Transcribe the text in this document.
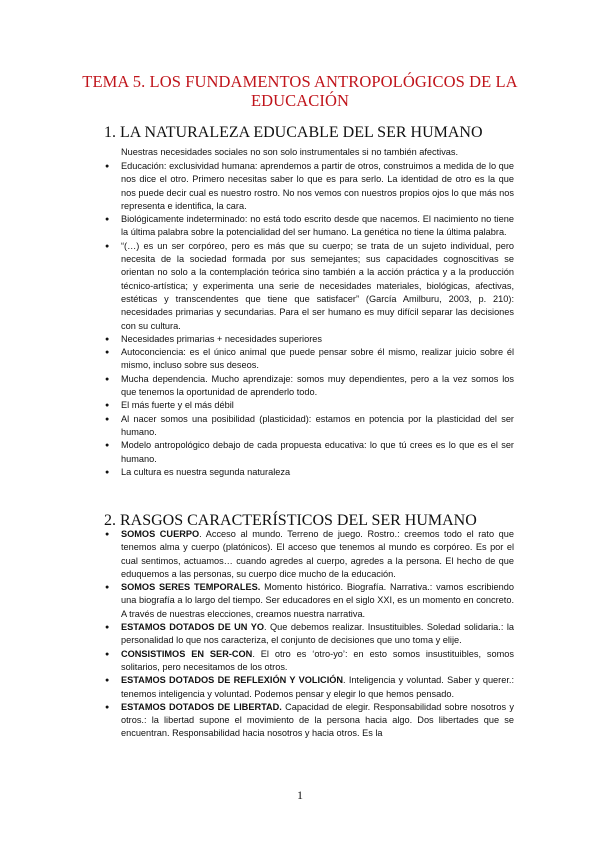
TEMA 5. LOS FUNDAMENTOS ANTROPOLÓGICOS DE LA EDUCACIÓN
1. LA NATURALEZA EDUCABLE DEL SER HUMANO
Nuestras necesidades sociales no son solo instrumentales si no también afectivas.
● Educación: exclusividad humana: aprendemos a partir de otros, construimos a medida de lo que nos dice el otro. Primero necesitas saber lo que es para serlo. La identidad de otro es la que nos puede decir cual es nuestro rostro. No nos vemos con nuestros propios ojos lo que más nos representa e identifica, la cara.
● Biológicamente indeterminado: no está todo escrito desde que nacemos. El nacimiento no tiene la última palabra sobre la potencialidad del ser humano. La genética no tiene la última palabra.
● “(…) es un ser corpóreo, pero es más que su cuerpo; se trata de un sujeto individual, pero necesita de la sociedad formada por sus semejantes; sus capacidades cognoscitivas se orientan no solo a la contemplación teórica sino también a la acción práctica y a la producción técnico-artística; y experimenta una serie de necesidades materiales, biológicas, afectivas, estéticas y transcendentes que tiene que satisfacer” (García Amilburu, 2003, p. 210): necesidades primarias y secundarias. Para el ser humano es muy difícil separar las decisiones con su cultura.
● Necesidades primarias + necesidades superiores
● Autoconciencia: es el único animal que puede pensar sobre él mismo, realizar juicio sobre él mismo, incluso sobre sus deseos.
● Mucha dependencia. Mucho aprendizaje: somos muy dependientes, pero a la vez somos los que tenemos la oportunidad de aprenderlo todo.
● El más fuerte y el más débil
● Al nacer somos una posibilidad (plasticidad): estamos en potencia por la plasticidad del ser humano.
● Modelo antropológico debajo de cada propuesta educativa: lo que tú crees es lo que es el ser humano.
● La cultura es nuestra segunda naturaleza
2. RASGOS CARACTERÍSTICOS DEL SER HUMANO
● SOMOS CUERPO. Acceso al mundo. Terreno de juego. Rostro.: creemos todo el rato que tenemos alma y cuerpo (platónicos). El acceso que tenemos al mundo es corpóreo. Es por el cual sentimos, actuamos… cuando agredes al cuerpo, agredes a la persona. El hecho de que eduquemos a las personas, su cuerpo dice mucho de la educación.
● SOMOS SERES TEMPORALES. Momento histórico. Biografía. Narrativa.: vamos escribiendo una biografía a lo largo del tiempo. Ser educadores en el siglo XXI, es un momento en concreto. A través de nuestras elecciones, creamos nuestra narrativa.
● ESTAMOS DOTADOS DE UN YO. Que debemos realizar. Insustituibles. Soledad solidaria.: la personalidad lo que nos caracteriza, el conjunto de decisiones que uno toma y elije.
● CONSISTIMOS EN SER-CON. El otro es ‘otro-yo’: en esto somos insustituibles, somos solitarios, pero necesitamos de los otros.
● ESTAMOS DOTADOS DE REFLEXIÓN Y VOLICIÓN. Inteligencia y voluntad. Saber y querer.: tenemos inteligencia y voluntad. Podemos pensar y elegir lo que hemos pensado.
● ESTAMOS DOTADOS DE LIBERTAD. Capacidad de elegir. Responsabilidad sobre nosotros y otros.: la libertad supone el movimiento de la persona hacia algo. Dos libertades que se encuentran. Responsabilidad hacia nosotros y hacia otros. Es la
1
